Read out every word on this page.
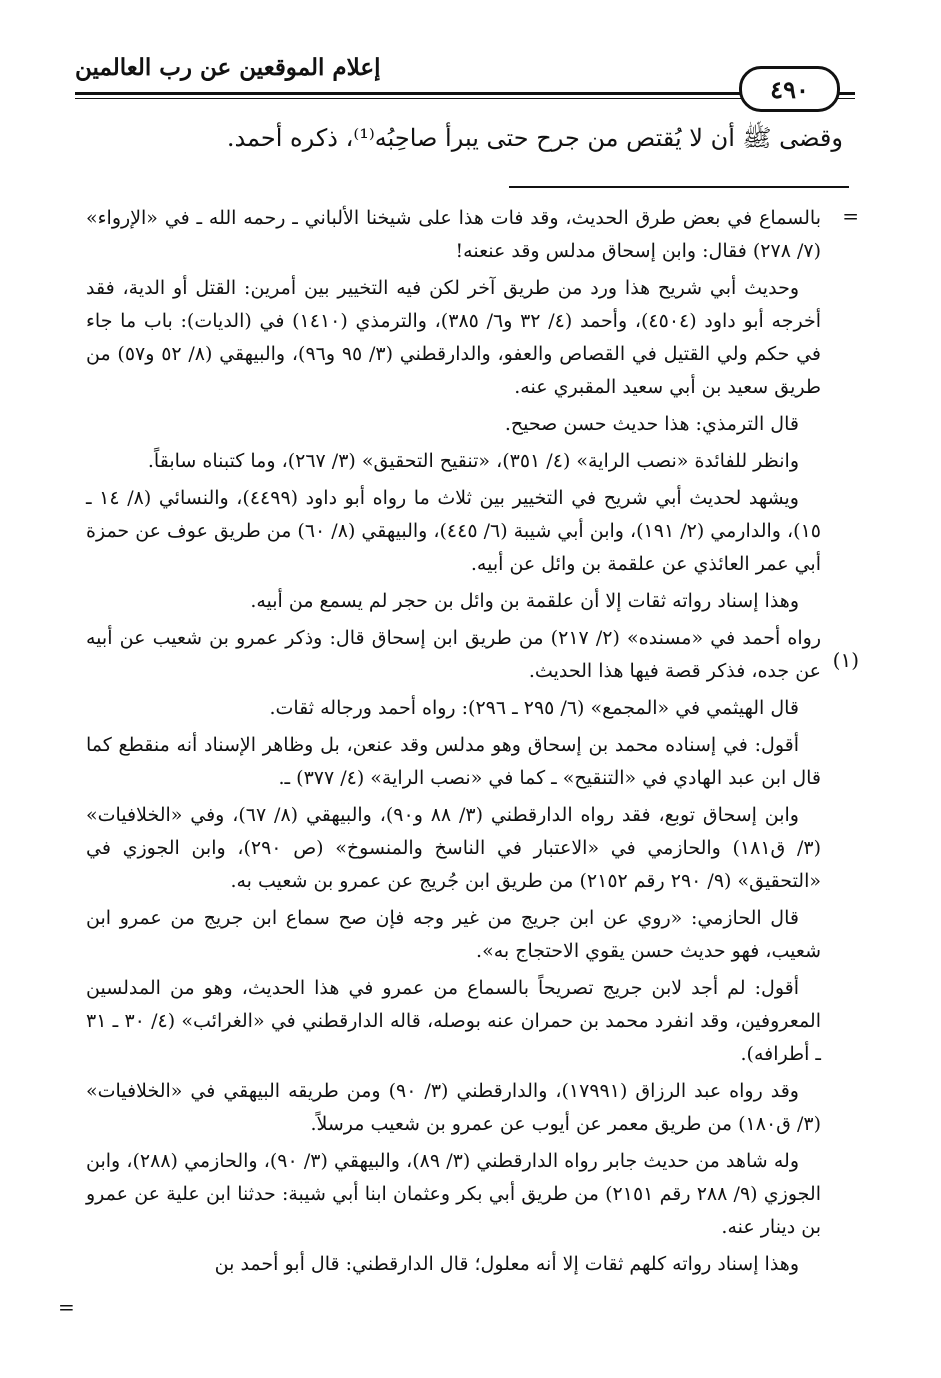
إعلام الموقعين عن رب العالمين
٤٩٠
وقضى ﷺ أن لا يُقتص من جرح حتى يبرأ صاحِبُه⁽¹⁾، ذكره أحمد.
=
(١)
=

بالسماع في بعض طرق الحديث، وقد فات هذا على شيخنا الألباني ـ رحمه الله ـ في «الإرواء» (٧/ ٢٧٨) فقال: وابن إسحاق مدلس وقد عنعنه!

وحديث أبي شريح هذا ورد من طريق آخر لكن فيه التخيير بين أمرين: القتل أو الدية، فقد أخرجه أبو داود (٤٥٠٤)، وأحمد (٤/ ٣٢ و٦/ ٣٨٥)، والترمذي (١٤١٠) في (الديات): باب ما جاء في حكم ولي القتيل في القصاص والعفو، والدارقطني (٣/ ٩٥ و٩٦)، والبيهقي (٨/ ٥٢ و٥٧) من طريق سعيد بن أبي سعيد المقبري عنه.

قال الترمذي: هذا حديث حسن صحيح.

وانظر للفائدة «نصب الراية» (٤/ ٣٥١)، «تنقيح التحقيق» (٣/ ٢٦٧)، وما كتبناه سابقاً.

ويشهد لحديث أبي شريح في التخيير بين ثلاث ما رواه أبو داود (٤٤٩٩)، والنسائي (٨/ ١٤ ـ ١٥)، والدارمي (٢/ ١٩١)، وابن أبي شيبة (٦/ ٤٤٥)، والبيهقي (٨/ ٦٠) من طريق عوف عن حمزة أبي عمر العائذي عن علقمة بن وائل عن أبيه.

وهذا إسناد رواته ثقات إلا أن علقمة بن وائل بن حجر لم يسمع من أبيه.

رواه أحمد في «مسنده» (٢/ ٢١٧) من طريق ابن إسحاق قال: وذكر عمرو بن شعيب عن أبيه عن جده، فذكر قصة فيها هذا الحديث.

قال الهيثمي في «المجمع» (٦/ ٢٩٥ ـ ٢٩٦): رواه أحمد ورجاله ثقات.

أقول: في إسناده محمد بن إسحاق وهو مدلس وقد عنعن، بل وظاهر الإسناد أنه منقطع كما قال ابن عبد الهادي في «التنقيح» ـ كما في «نصب الراية» (٤/ ٣٧٧) ـ.

وابن إسحاق توبع، فقد رواه الدارقطني (٣/ ٨٨ و٩٠)، والبيهقي (٨/ ٦٧)، وفي «الخلافيات» (٣/ ق١٨١) والحازمي في «الاعتبار في الناسخ والمنسوخ» (ص ٢٩٠)، وابن الجوزي في «التحقيق» (٩/ ٢٩٠ رقم ٢١٥٢) من طريق ابن جُريج عن عمرو بن شعيب به.

قال الحازمي: «روي عن ابن جريج من غير وجه فإن صح سماع ابن جريج من عمرو ابن شعيب، فهو حديث حسن يقوي الاحتجاج به».

أقول: لم أجد لابن جريج تصريحاً بالسماع من عمرو في هذا الحديث، وهو من المدلسين المعروفين، وقد انفرد محمد بن حمران عنه بوصله، قاله الدارقطني في «الغرائب» (٤/ ٣٠ ـ ٣١ ـ أطرافه).

وقد رواه عبد الرزاق (١٧٩٩١)، والدارقطني (٣/ ٩٠) ومن طريقه البيهقي في «الخلافيات» (٣/ ق١٨٠) من طريق معمر عن أيوب عن عمرو بن شعيب مرسلاً.

وله شاهد من حديث جابر رواه الدارقطني (٣/ ٨٩)، والبيهقي (٣/ ٩٠)، والحازمي (٢٨٨)، وابن الجوزي (٩/ ٢٨٨ رقم ٢١٥١) من طريق أبي بكر وعثمان ابنا أبي شيبة: حدثنا ابن علية عن عمرو بن دينار عنه.

وهذا إسناد رواته كلهم ثقات إلا أنه معلول؛ قال الدارقطني: قال أبو أحمد بن
